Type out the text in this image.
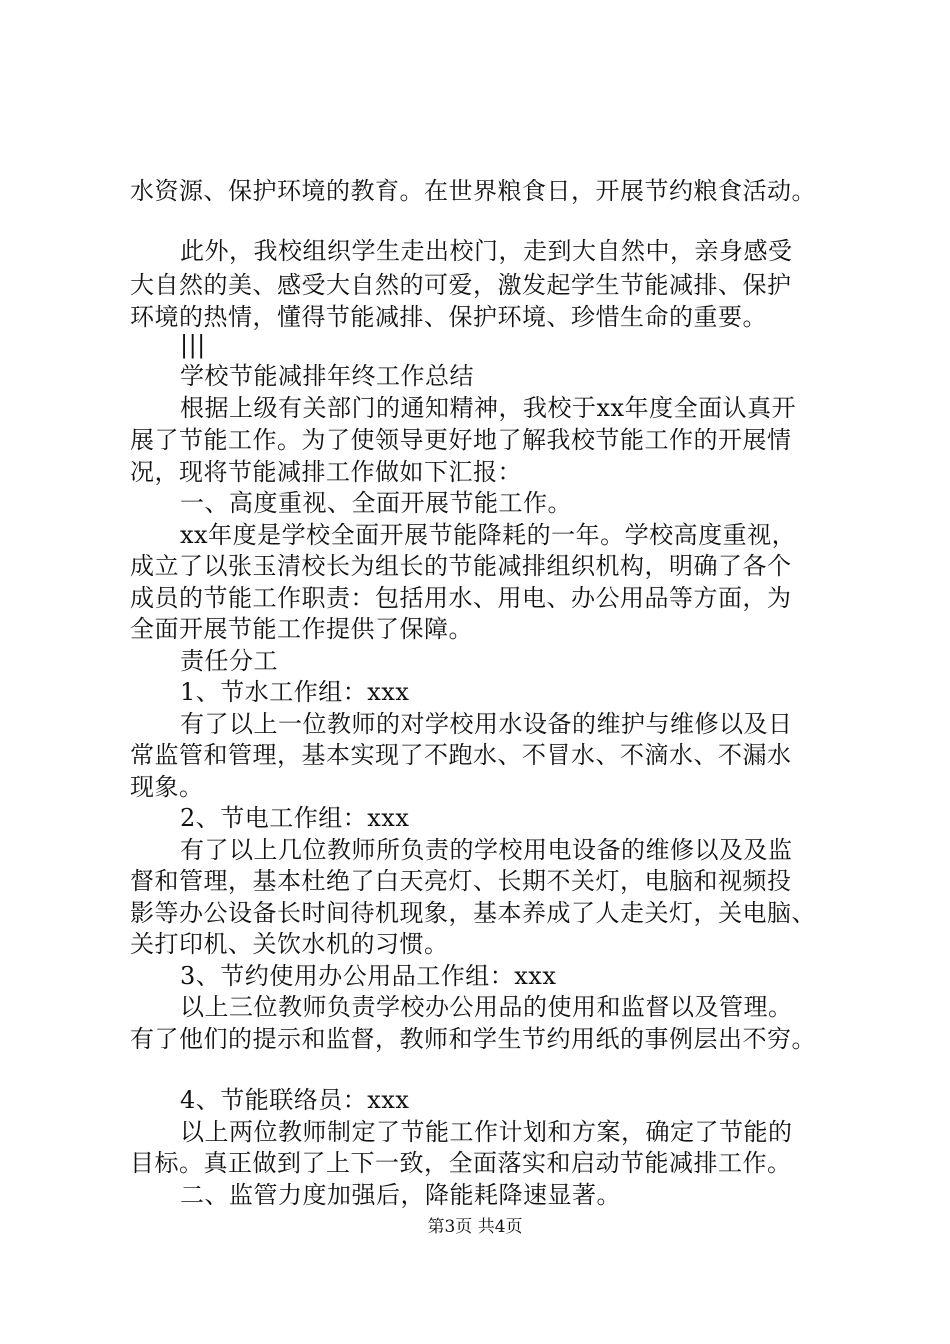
水资源、保护环境的教育。在世界粮食日，开展节约粮食活动。
此外，我校组织学生走出校门，走到大自然中，亲身感受
大自然的美、感受大自然的可爱，激发起学生节能减排、保护
环境的热情，懂得节能减排、保护环境、珍惜生命的重要。
|||
学校节能减排年终工作总结
根据上级有关部门的通知精神，我校于xx年度全面认真开
展了节能工作。为了使领导更好地了解我校节能工作的开展情
况，现将节能减排工作做如下汇报：
一、高度重视、全面开展节能工作。
xx年度是学校全面开展节能降耗的一年。学校高度重视，
成立了以张玉清校长为组长的节能减排组织机构，明确了各个
成员的节能工作职责：包括用水、用电、办公用品等方面，为
全面开展节能工作提供了保障。
责任分工
1、节水工作组：xxx
有了以上一位教师的对学校用水设备的维护与维修以及日
常监管和管理，基本实现了不跑水、不冒水、不滴水、不漏水
现象。
2、节电工作组：xxx
有了以上几位教师所负责的学校用电设备的维修以及及监
督和管理，基本杜绝了白天亮灯、长期不关灯，电脑和视频投
影等办公设备长时间待机现象，基本养成了人走关灯，关电脑、
关打印机、关饮水机的习惯。
3、节约使用办公用品工作组：xxx
以上三位教师负责学校办公用品的使用和监督以及管理。
有了他们的提示和监督，教师和学生节约用纸的事例层出不穷。
4、节能联络员：xxx
以上两位教师制定了节能工作计划和方案，确定了节能的
目标。真正做到了上下一致，全面落实和启动节能减排工作。
二、监管力度加强后，降能耗降速显著。
第3页 共4页
